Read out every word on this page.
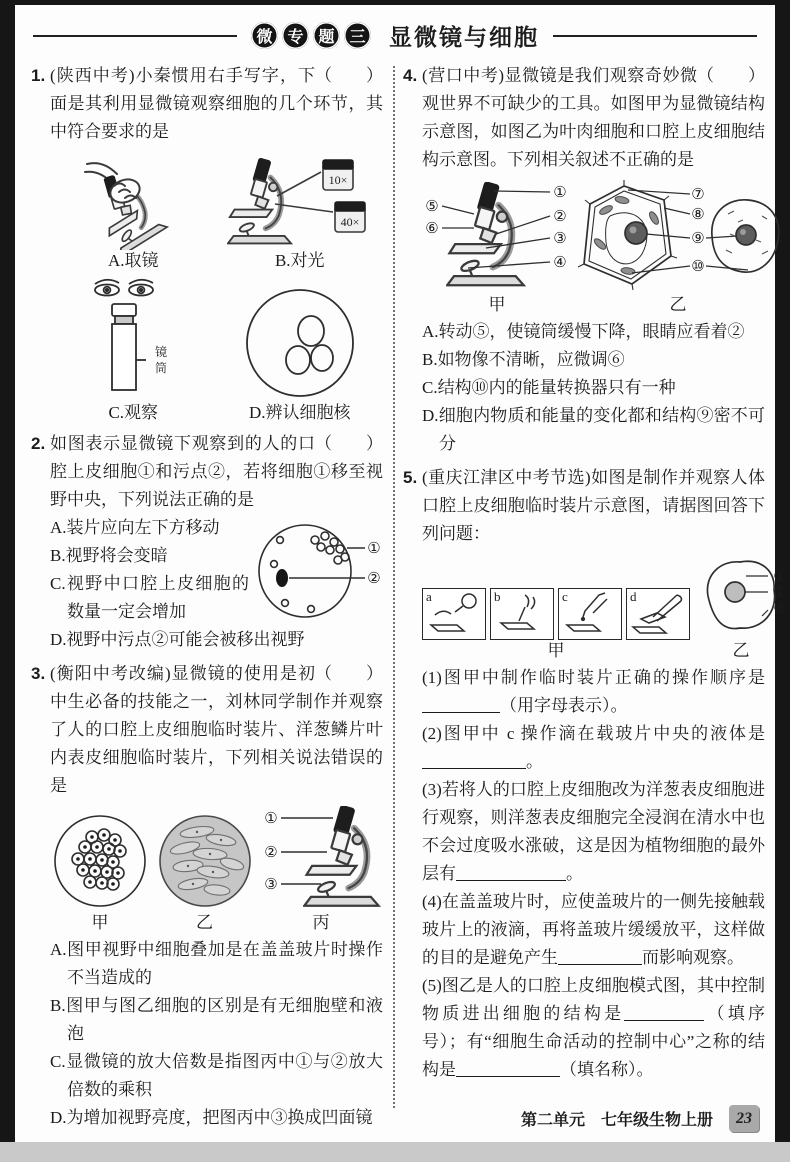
微 专 题 三 显微镜与细胞
1.	（　　）
(陕西中考)小秦惯用右手写字，下面是其利用显微镜观察细胞的几个环节，其中符合要求的是
A.取镜
10×
40×
B.对光
镜
筒
C.观察	D.辨认细胞核
2.	（　　）
如图表示显微镜下观察到的人的口腔上皮细胞①和污点②，若将细胞①移至视野中央，下列说法正确的是
①
②

A.装片应向左下方移动

B.视野将会变暗

C.视野中口腔上皮细胞的数量一定会增加

D.视野中污点②可能会被移出视野

3.	（　　）
(衡阳中考改编)显微镜的使用是初中生必备的技能之一，刘林同学制作并观察了人的口腔上皮细胞临时装片、洋葱鳞片叶内表皮细胞临时装片，下列相关说法错误的是
甲	乙
①
②
③
丙

A.图甲视野中细胞叠加是在盖盖玻片时操作不当造成的

B.图甲与图乙细胞的区别是有无细胞壁和液泡

C.显微镜的放大倍数是指图丙中①与②放大倍数的乘积

D.为增加视野亮度，把图丙中③换成凹面镜

4.	（　　）
(营口中考)显微镜是我们观察奇妙微观世界不可缺少的工具。如图甲为显微镜结构示意图，如图乙为叶肉细胞和口腔上皮细胞结构示意图。下列相关叙述不正确的是
①
②
③
④
⑤
⑥
甲
⑦
⑧
⑨
⑩
乙

A.转动⑤，使镜筒缓慢下降，眼睛应看着②

B.如物像不清晰，应微调⑥

C.结构⑩内的能量转换器只有一种

D.细胞内物质和能量的变化都和结构⑨密不可分

5. (重庆江津区中考节选)如图是制作并观察人体口腔上皮细胞临时装片示意图，请据图回答下列问题：
a	b	c	d
甲
①
②
③
乙

(1)图甲中制作临时装片正确的操作顺序是（用字母表示）。

(2)图甲中 c 操作滴在载玻片中央的液体是。

(3)若将人的口腔上皮细胞改为洋葱表皮细胞进行观察，则洋葱表皮细胞完全浸润在清水中也不会过度吸水涨破，这是因为植物细胞的最外层有	。

(4)在盖盖玻片时，应使盖玻片的一侧先接触载玻片上的液滴，再将盖玻片缓缓放平，这样做的目的是避免产生	而影响观察。

(5)图乙是人的口腔上皮细胞模式图，其中控制物质进出细胞的结构是	（填序号）；有“细胞生命活动的控制中心”之称的结构是	（填名称）。

第二单元 七年级生物上册	23
